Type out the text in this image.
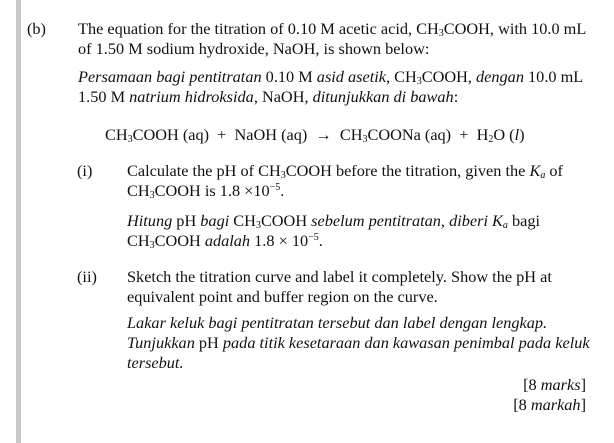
(b)
(i)
(ii)
The equation for the titration of 0.10 M acetic acid, $CH_3COOH$, with 10.0 mL
of 1.50 M sodium hydroxide, NaOH, is shown below:
Persamaan bagi pentitratan 0.10 M asid asetik, $CH_3COOH$, dengan 10.0 mL
1.50 M natrium hidroksida, NaOH, ditunjukkan di bawah:
$CH_3COOH$ (aq)  +  NaOH $(aq) \to CH_3COONa$ $(aq) + H_2O$ (l)
Calculate the pH of $CH_3COOH$ before the titration, given the $K_a$ of
$CH_3COOH$ is $1.8 \times 10^{-5}$.
Hitung pH bagi $CH_3COOH$ sebelum pentitratan, diberi $K_a$ bagi
$CH_3COOH$ adalah $1.8 \times 10^{-5}$.
Sketch the titration curve and label it completely. Show the pH at
equivalent point and buffer region on the curve.
Lakar keluk bagi pentitratan tersebut dan label dengan lengkap.
Tunjukkan pH pada titik kesetaraan dan kawasan penimbal pada keluk
tersebut.
[8 marks]
[8 markah]
